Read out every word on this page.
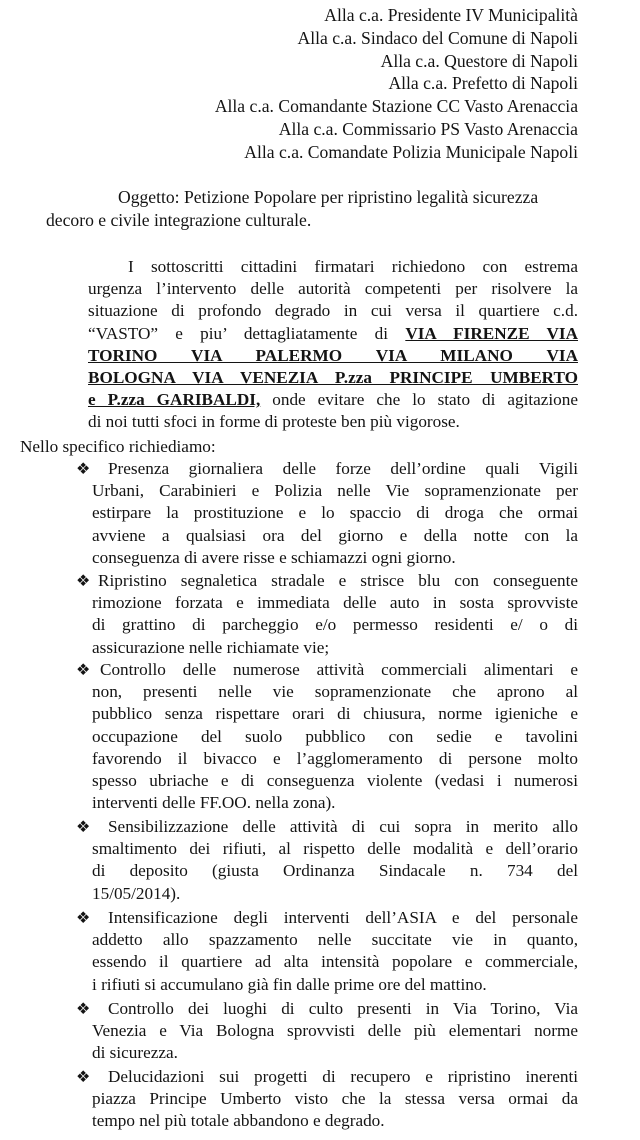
Alla c.a. Presidente IV Municipalità
Alla c.a. Sindaco del Comune di Napoli
Alla c.a. Questore di Napoli
Alla c.a. Prefetto di Napoli
Alla c.a. Comandante Stazione CC Vasto Arenaccia
Alla c.a. Commissario PS Vasto Arenaccia
Alla c.a. Comandate Polizia Municipale Napoli
Oggetto: Petizione Popolare per ripristino legalità sicurezza
decoro e civile integrazione culturale.
I sottoscritti cittadini firmatari richiedono con estrema
urgenza l’intervento delle autorità competenti per risolvere la
situazione di profondo degrado in cui versa il quartiere c.d.
“VASTO” e piu’ dettagliatamente di VIA FIRENZE VIA
TORINO VIA PALERMO VIA MILANO VIA
BOLOGNA VIA VENEZIA P.zza PRINCIPE UMBERTO
e P.zza GARIBALDI, onde evitare che lo stato di agitazione
di noi tutti sfoci in forme di proteste ben più vigorose.
Nello specifico richiediamo:
❖	Presenza giornaliera delle forze dell’ordine quali Vigili
Urbani, Carabinieri e Polizia nelle Vie sopramenzionate per
estirpare la prostituzione e lo spaccio di droga che ormai
avviene a qualsiasi ora del giorno e della notte con la
conseguenza di avere risse e schiamazzi ogni giorno.
❖ Ripristino segnaletica stradale e strisce blu con conseguente
rimozione forzata e immediata delle auto in sosta sprovviste
di grattino di parcheggio e/o permesso residenti e/ o di
assicurazione nelle richiamate vie;
❖ Controllo delle numerose attività commerciali alimentari e
non, presenti nelle vie sopramenzionate che aprono al
pubblico senza rispettare orari di chiusura, norme igieniche e
occupazione del suolo pubblico con sedie e tavolini
favorendo il bivacco e l’agglomeramento di persone molto
spesso ubriache e di conseguenza violente (vedasi i numerosi
interventi delle FF.OO. nella zona).
❖	Sensibilizzazione delle attività di cui sopra in merito allo
smaltimento dei rifiuti, al rispetto delle modalità e dell’orario
di deposito (giusta Ordinanza Sindacale n. 734 del
15/05/2014).
❖	Intensificazione degli interventi dell’ASIA e del personale
addetto allo spazzamento nelle succitate vie in quanto,
essendo il quartiere ad alta intensità popolare e commerciale,
i rifiuti si accumulano già fin dalle prime ore del mattino.
❖	Controllo dei luoghi di culto presenti in Via Torino, Via
Venezia e Via Bologna sprovvisti delle più elementari norme
di sicurezza.
❖	Delucidazioni sui progetti di recupero e ripristino inerenti
piazza Principe Umberto visto che la stessa versa ormai da
tempo nel più totale abbandono e degrado.
